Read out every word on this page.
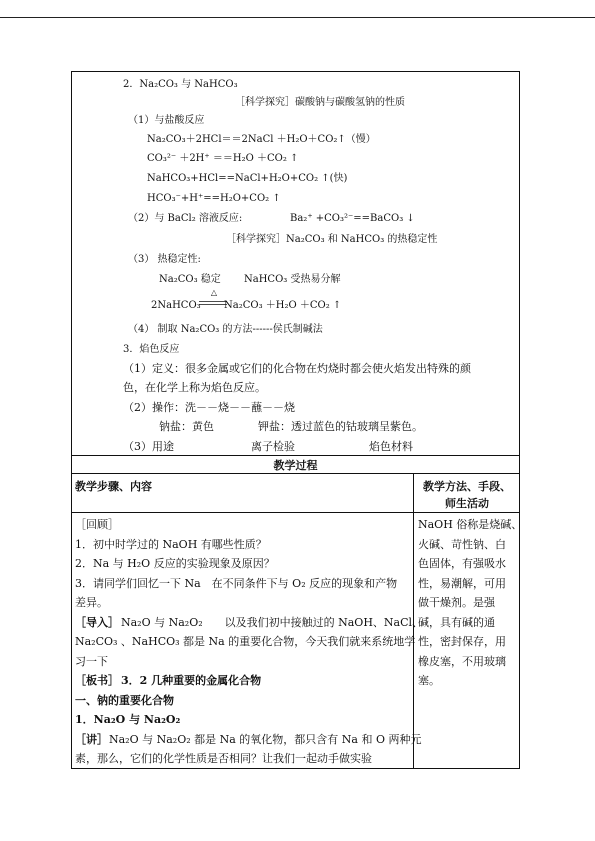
2．Na₂CO₃ 与 NaHCO₃
［科学探究］碳酸钠与碳酸氢钠的性质
（1）与盐酸反应
Na₂CO₃＋2HCl＝＝2NaCl ＋H₂O＋CO₂↑（慢）
CO₃²⁻ ＋2H⁺ ＝＝H₂O ＋CO₂ ↑
NaHCO₃+HCl==NaCl+H₂O+CO₂ ↑(快)
HCO₃⁻+H⁺==H₂O+CO₂ ↑
（2）与 BaCl₂ 溶液反应:	Ba₂⁺ +CO₃²⁻==BaCO₃ ↓
［科学探究］Na₂CO₃ 和 NaHCO₃ 的热稳定性
（3） 热稳定性:
Na₂CO₃ 稳定 NaHCO₃ 受热易分解
2NaHCO₃
△
Na₂CO₃ ＋H₂O ＋CO₂ ↑
（4） 制取 Na₂CO₃ 的方法------侯氏制碱法
3．焰色反应
（1）定义：很多金属或它们的化合物在灼烧时都会使火焰发出特殊的颜
色，在化学上称为焰色反应。
（2）操作：洗－－烧－－蘸－－烧
钠盐：黄色	钾盐：透过蓝色的钴玻璃呈紫色。
（3）用途	离子检验	焰色材料
教学过程
教学步骤、内容	教学方法、手段、
师生活动
［回顾］
1．初中时学过的 NaOH 有哪些性质？
2．Na 与 H₂O 反应的实验现象及原因？
3．请同学们回忆一下 Na　在不同条件下与 O₂ 反应的现象和产物
差异。
［导入］ Na₂O 与 Na₂O₂　　以及我们初中接触过的 NaOH、NaCl、
Na₂CO₃ 、NaHCO₃ 都是 Na 的重要化合物，今天我们就来系统地学
习一下
［板书］ 3．2 几种重要的金属化合物
一、钠的重要化合物
1．Na₂O 与 Na₂O₂
［讲］ Na₂O 与 Na₂O₂ 都是 Na 的氧化物，都只含有 Na 和 O 两种元
素，那么，它们的化学性质是否相同？让我们一起动手做实验
NaOH 俗称是烧碱、
火碱、苛性钠、白
色固体，有强吸水
性，易潮解，可用
做干燥剂。是强
碱，具有碱的通
性，密封保存，用
橡皮塞，不用玻璃
塞。
